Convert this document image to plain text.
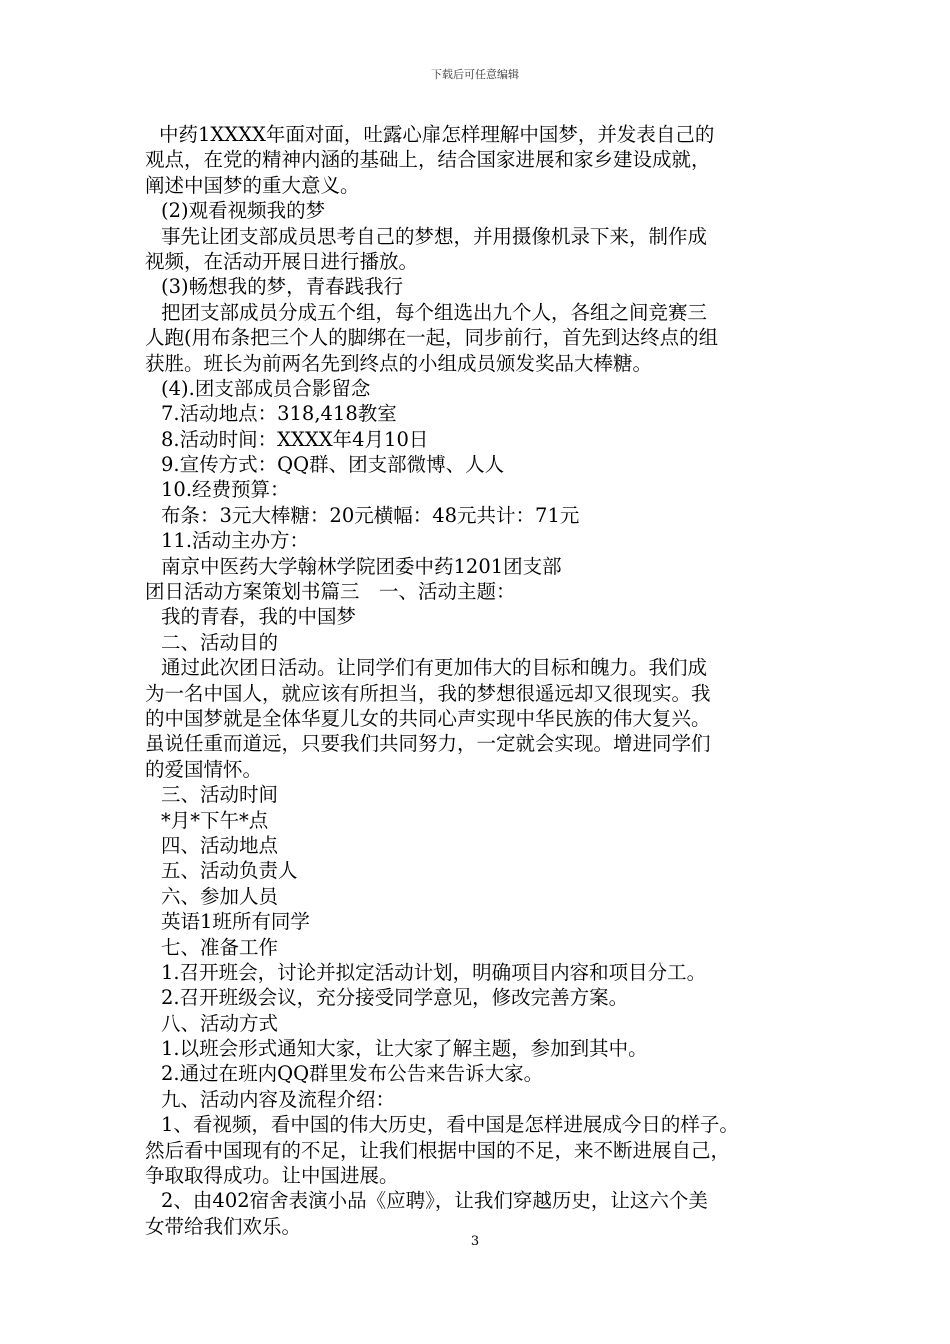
下载后可任意编辑
中药1XXXX年面对面，吐露心扉怎样理解中国梦，并发表自己的
观点，在党的精神内涵的基础上，结合国家进展和家乡建设成就，
阐述中国梦的重大意义。
(2)观看视频我的梦
事先让团支部成员思考自己的梦想，并用摄像机录下来，制作成
视频，在活动开展日进行播放。
(3)畅想我的梦，青春践我行
把团支部成员分成五个组，每个组选出九个人，各组之间竞赛三
人跑(用布条把三个人的脚绑在一起，同步前行，首先到达终点的组
获胜。班长为前两名先到终点的小组成员颁发奖品大棒糖。
(4).团支部成员合影留念
7.活动地点：318,418教室
8.活动时间：XXXX年4月10日
9.宣传方式：QQ群、团支部微博、人人
10.经费预算：
布条：3元大棒糖：20元横幅：48元共计：71元
11.活动主办方：
南京中医药大学翰林学院团委中药1201团支部
团日活动方案策划书篇三　一、活动主题：
我的青春，我的中国梦
二、活动目的
通过此次团日活动。让同学们有更加伟大的目标和魄力。我们成
为一名中国人，就应该有所担当，我的梦想很遥远却又很现实。我
的中国梦就是全体华夏儿女的共同心声实现中华民族的伟大复兴。
虽说任重而道远，只要我们共同努力，一定就会实现。增进同学们
的爱国情怀。
三、活动时间
*月*下午*点
四、活动地点
五、活动负责人
六、参加人员
英语1班所有同学
七、准备工作
1.召开班会，讨论并拟定活动计划，明确项目内容和项目分工。
2.召开班级会议，充分接受同学意见，修改完善方案。
八、活动方式
1.以班会形式通知大家，让大家了解主题，参加到其中。
2.通过在班内QQ群里发布公告来告诉大家。
九、活动内容及流程介绍：
1、看视频，看中国的伟大历史，看中国是怎样进展成今日的样子。
然后看中国现有的不足，让我们根据中国的不足，来不断进展自己，
争取取得成功。让中国进展。
2、由402宿舍表演小品《应聘》，让我们穿越历史，让这六个美
女带给我们欢乐。
3
